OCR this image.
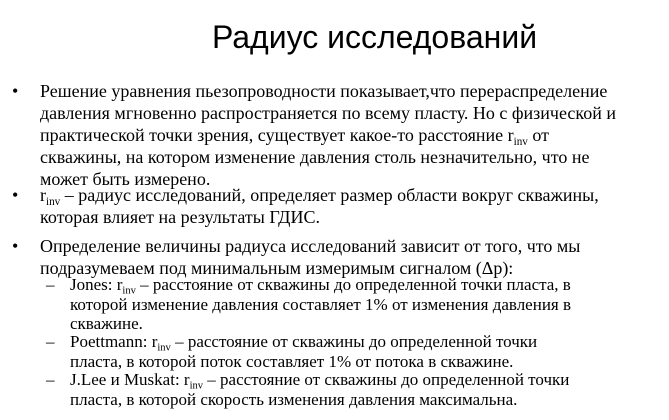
Радиус исследований
• Решение уравнения пьезопроводности показывает,что перераспределение
давления мгновенно распространяется по всему пласту. Но с физической и
практической точки зрения, существует какое-то расстояние $r_{inv}$ от
скважины, на котором изменение давления столь незначительно, что не
может быть измерено.
• $r_{inv}$ – радиус исследований, определяет размер области вокруг скважины,
которая влияет на результаты ГДИС.
• Определение величины радиуса исследований зависит от того, что мы
подразумеваем под минимальным измеримым сигналом (Δp):
– Jones: $r_{inv}$ – расстояние от скважины до определенной точки пласта, в
которой изменение давления составляет 1% от изменения давления в
скважине.
– Poettmann: $r_{inv}$ – расстояние от скважины до определенной точки
пласта, в которой поток составляет 1% от потока в скважине.
– J.Lee и Muskat: $r_{inv}$ – расстояние от скважины до определенной точки
пласта, в которой скорость изменения давления максимальна.
